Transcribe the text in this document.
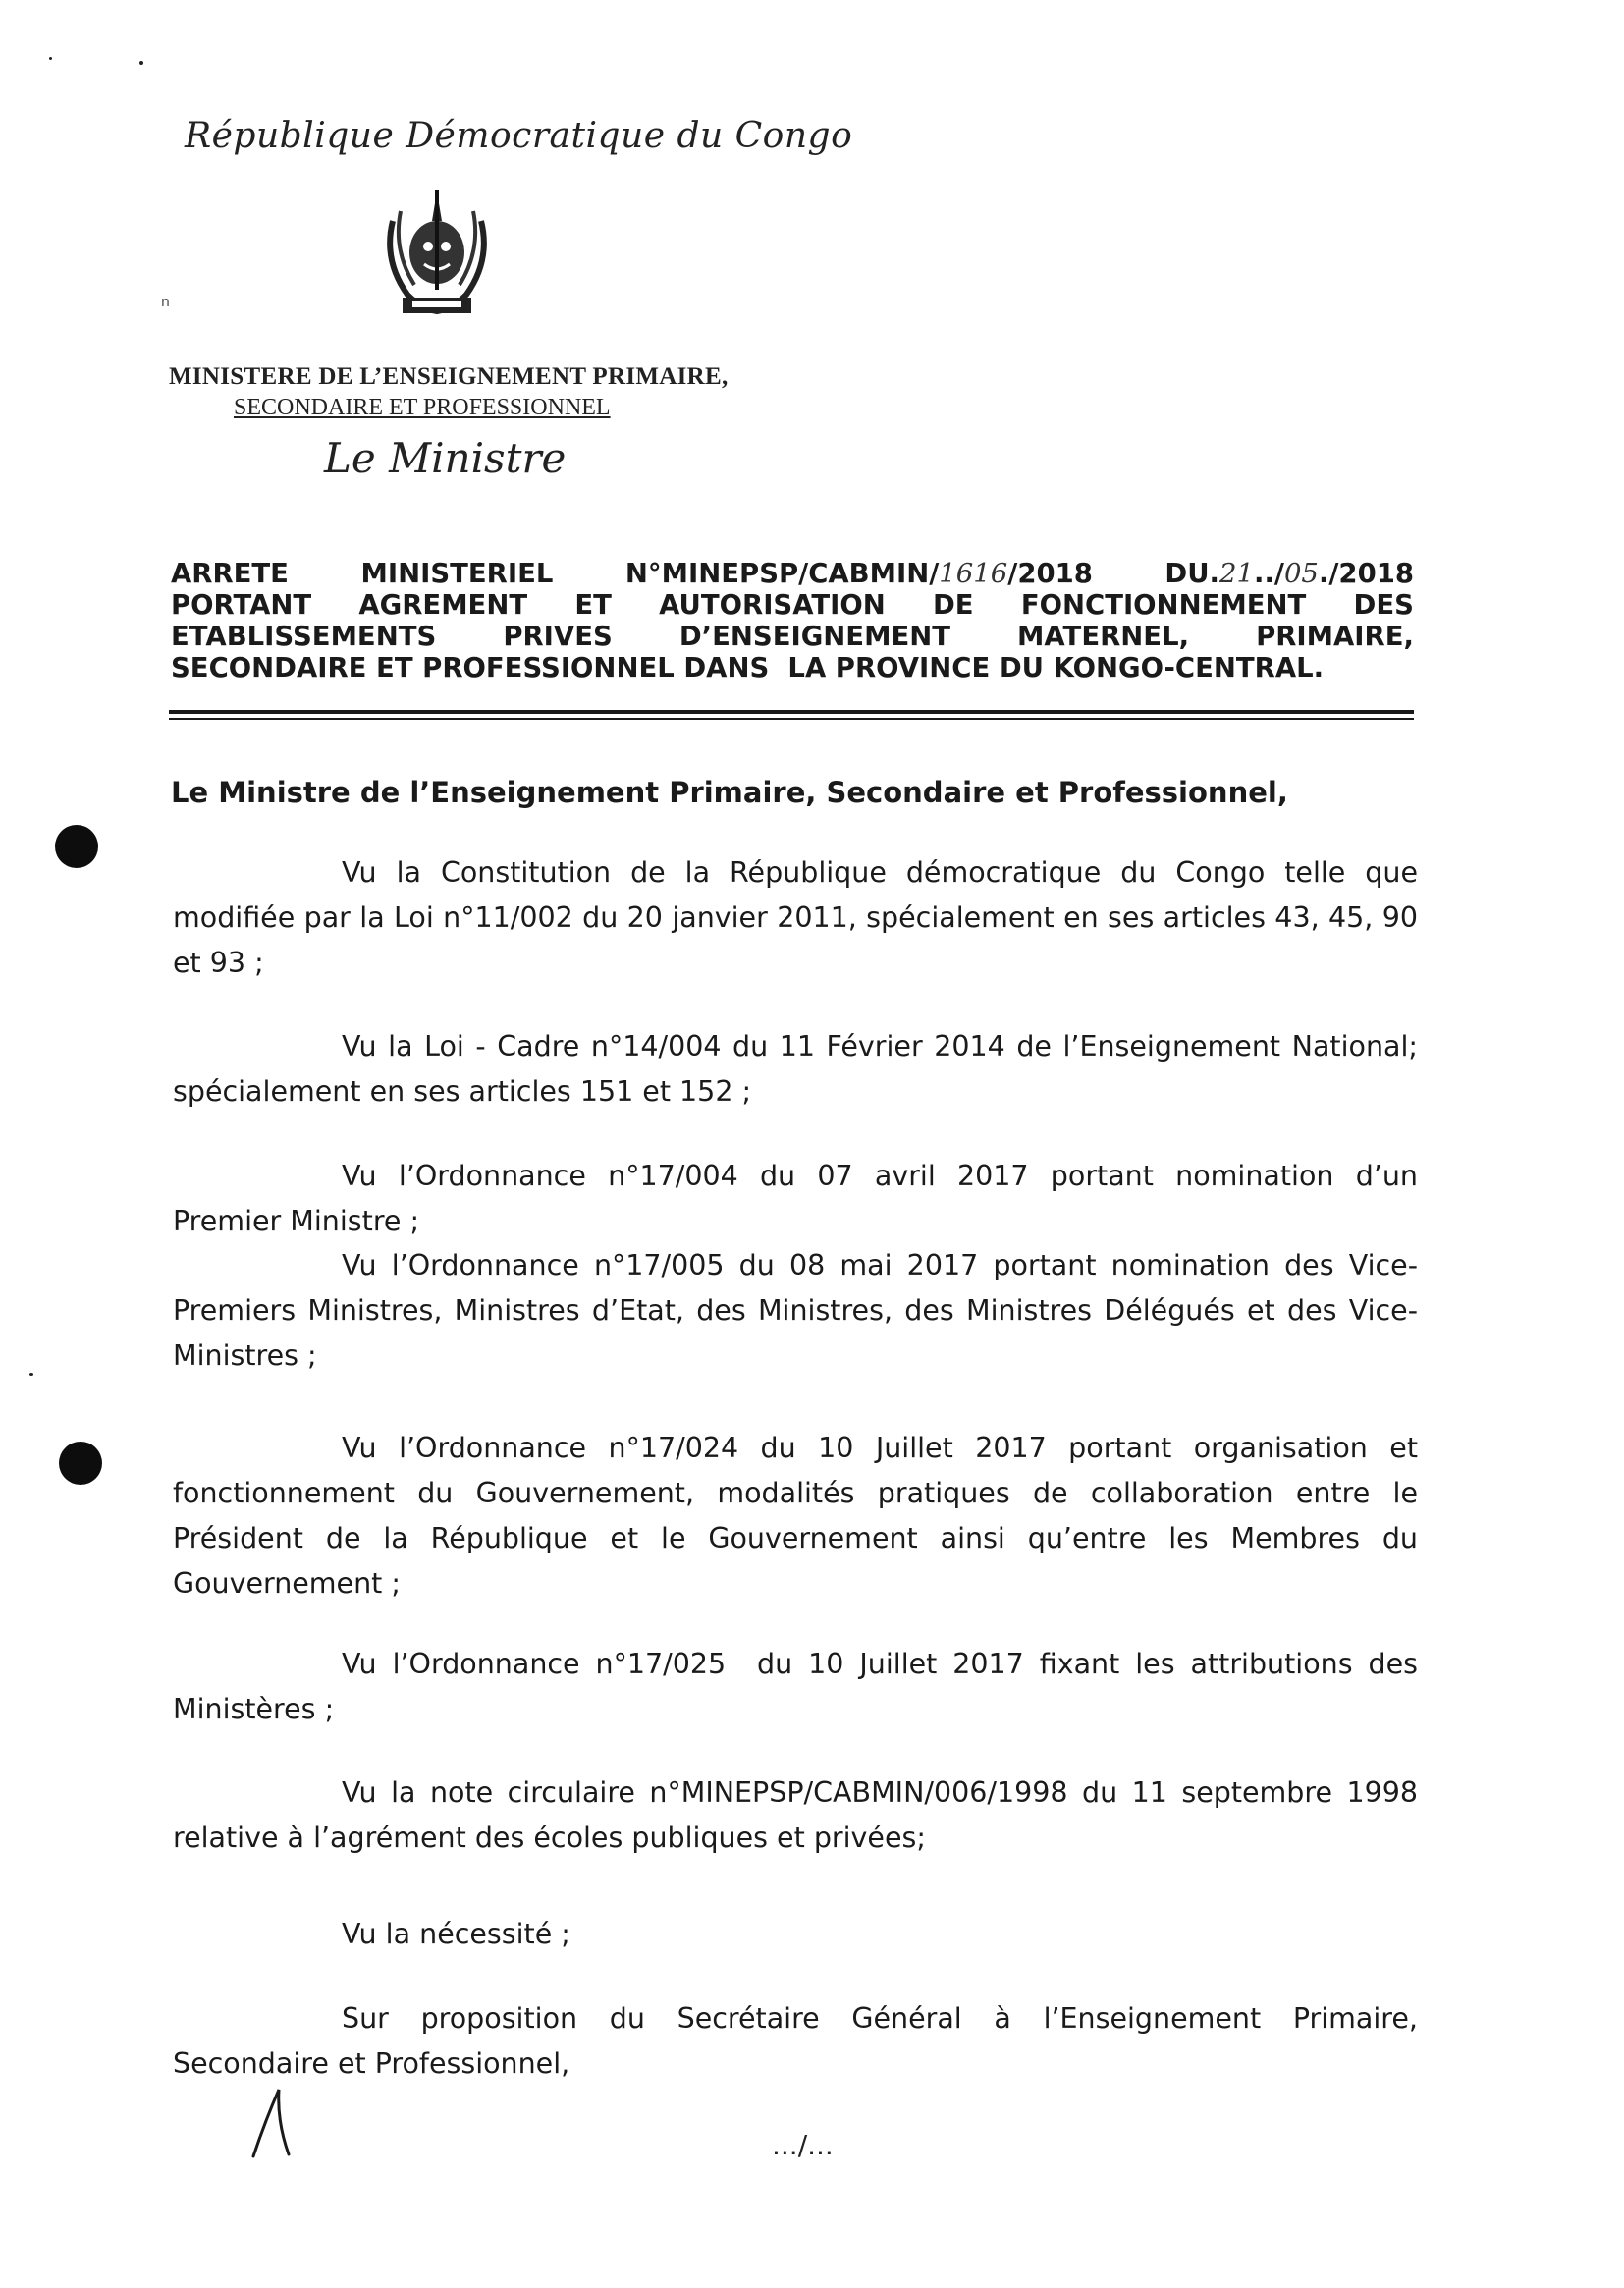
République Démocratique du Congo
n
MINISTERE DE L’ENSEIGNEMENT PRIMAIRE,
SECONDAIRE ET PROFESSIONNEL
Le Ministre
ARRETE	MINISTERIEL	N°MINEPSP/CABMIN/1616/2018	DU.21../05./2018
PORTANT AGREMENT ET AUTORISATION DE FONCTIONNEMENT DES
ETABLISSEMENTS PRIVES D’ENSEIGNEMENT MATERNEL, PRIMAIRE,
SECONDAIRE ET PROFESSIONNEL DANS  LA PROVINCE DU KONGO-CENTRAL.
Le Ministre de l’Enseignement Primaire, Secondaire et Professionnel,
Vu la Constitution de la République démocratique du Congo telle que modifiée par la Loi n°11/002 du 20 janvier 2011, spécialement en ses articles 43, 45, 90 et 93 ;
Vu la Loi - Cadre n°14/004 du 11 Février 2014 de l’Enseignement National; spécialement en ses articles 151 et 152 ;
Vu l’Ordonnance n°17/004 du 07 avril 2017 portant nomination d’un Premier Ministre ;
Vu l’Ordonnance n°17/005 du 08 mai 2017 portant nomination des Vice-Premiers Ministres, Ministres d’Etat, des Ministres, des Ministres Délégués et des Vice-Ministres ;
Vu l’Ordonnance n°17/024 du 10 Juillet 2017 portant organisation et fonctionnement du Gouvernement, modalités pratiques de collaboration entre le Président de la République et le Gouvernement ainsi qu’entre les Membres du Gouvernement ;
Vu l’Ordonnance n°17/025  du 10 Juillet 2017 fixant les attributions des Ministères ;
Vu la note circulaire n°MINEPSP/CABMIN/006/1998 du 11 septembre 1998 relative à l’agrément des écoles publiques et privées;
Vu la nécessité ;
Sur proposition du Secrétaire Général à l’Enseignement Primaire, Secondaire et Professionnel,
.../...
